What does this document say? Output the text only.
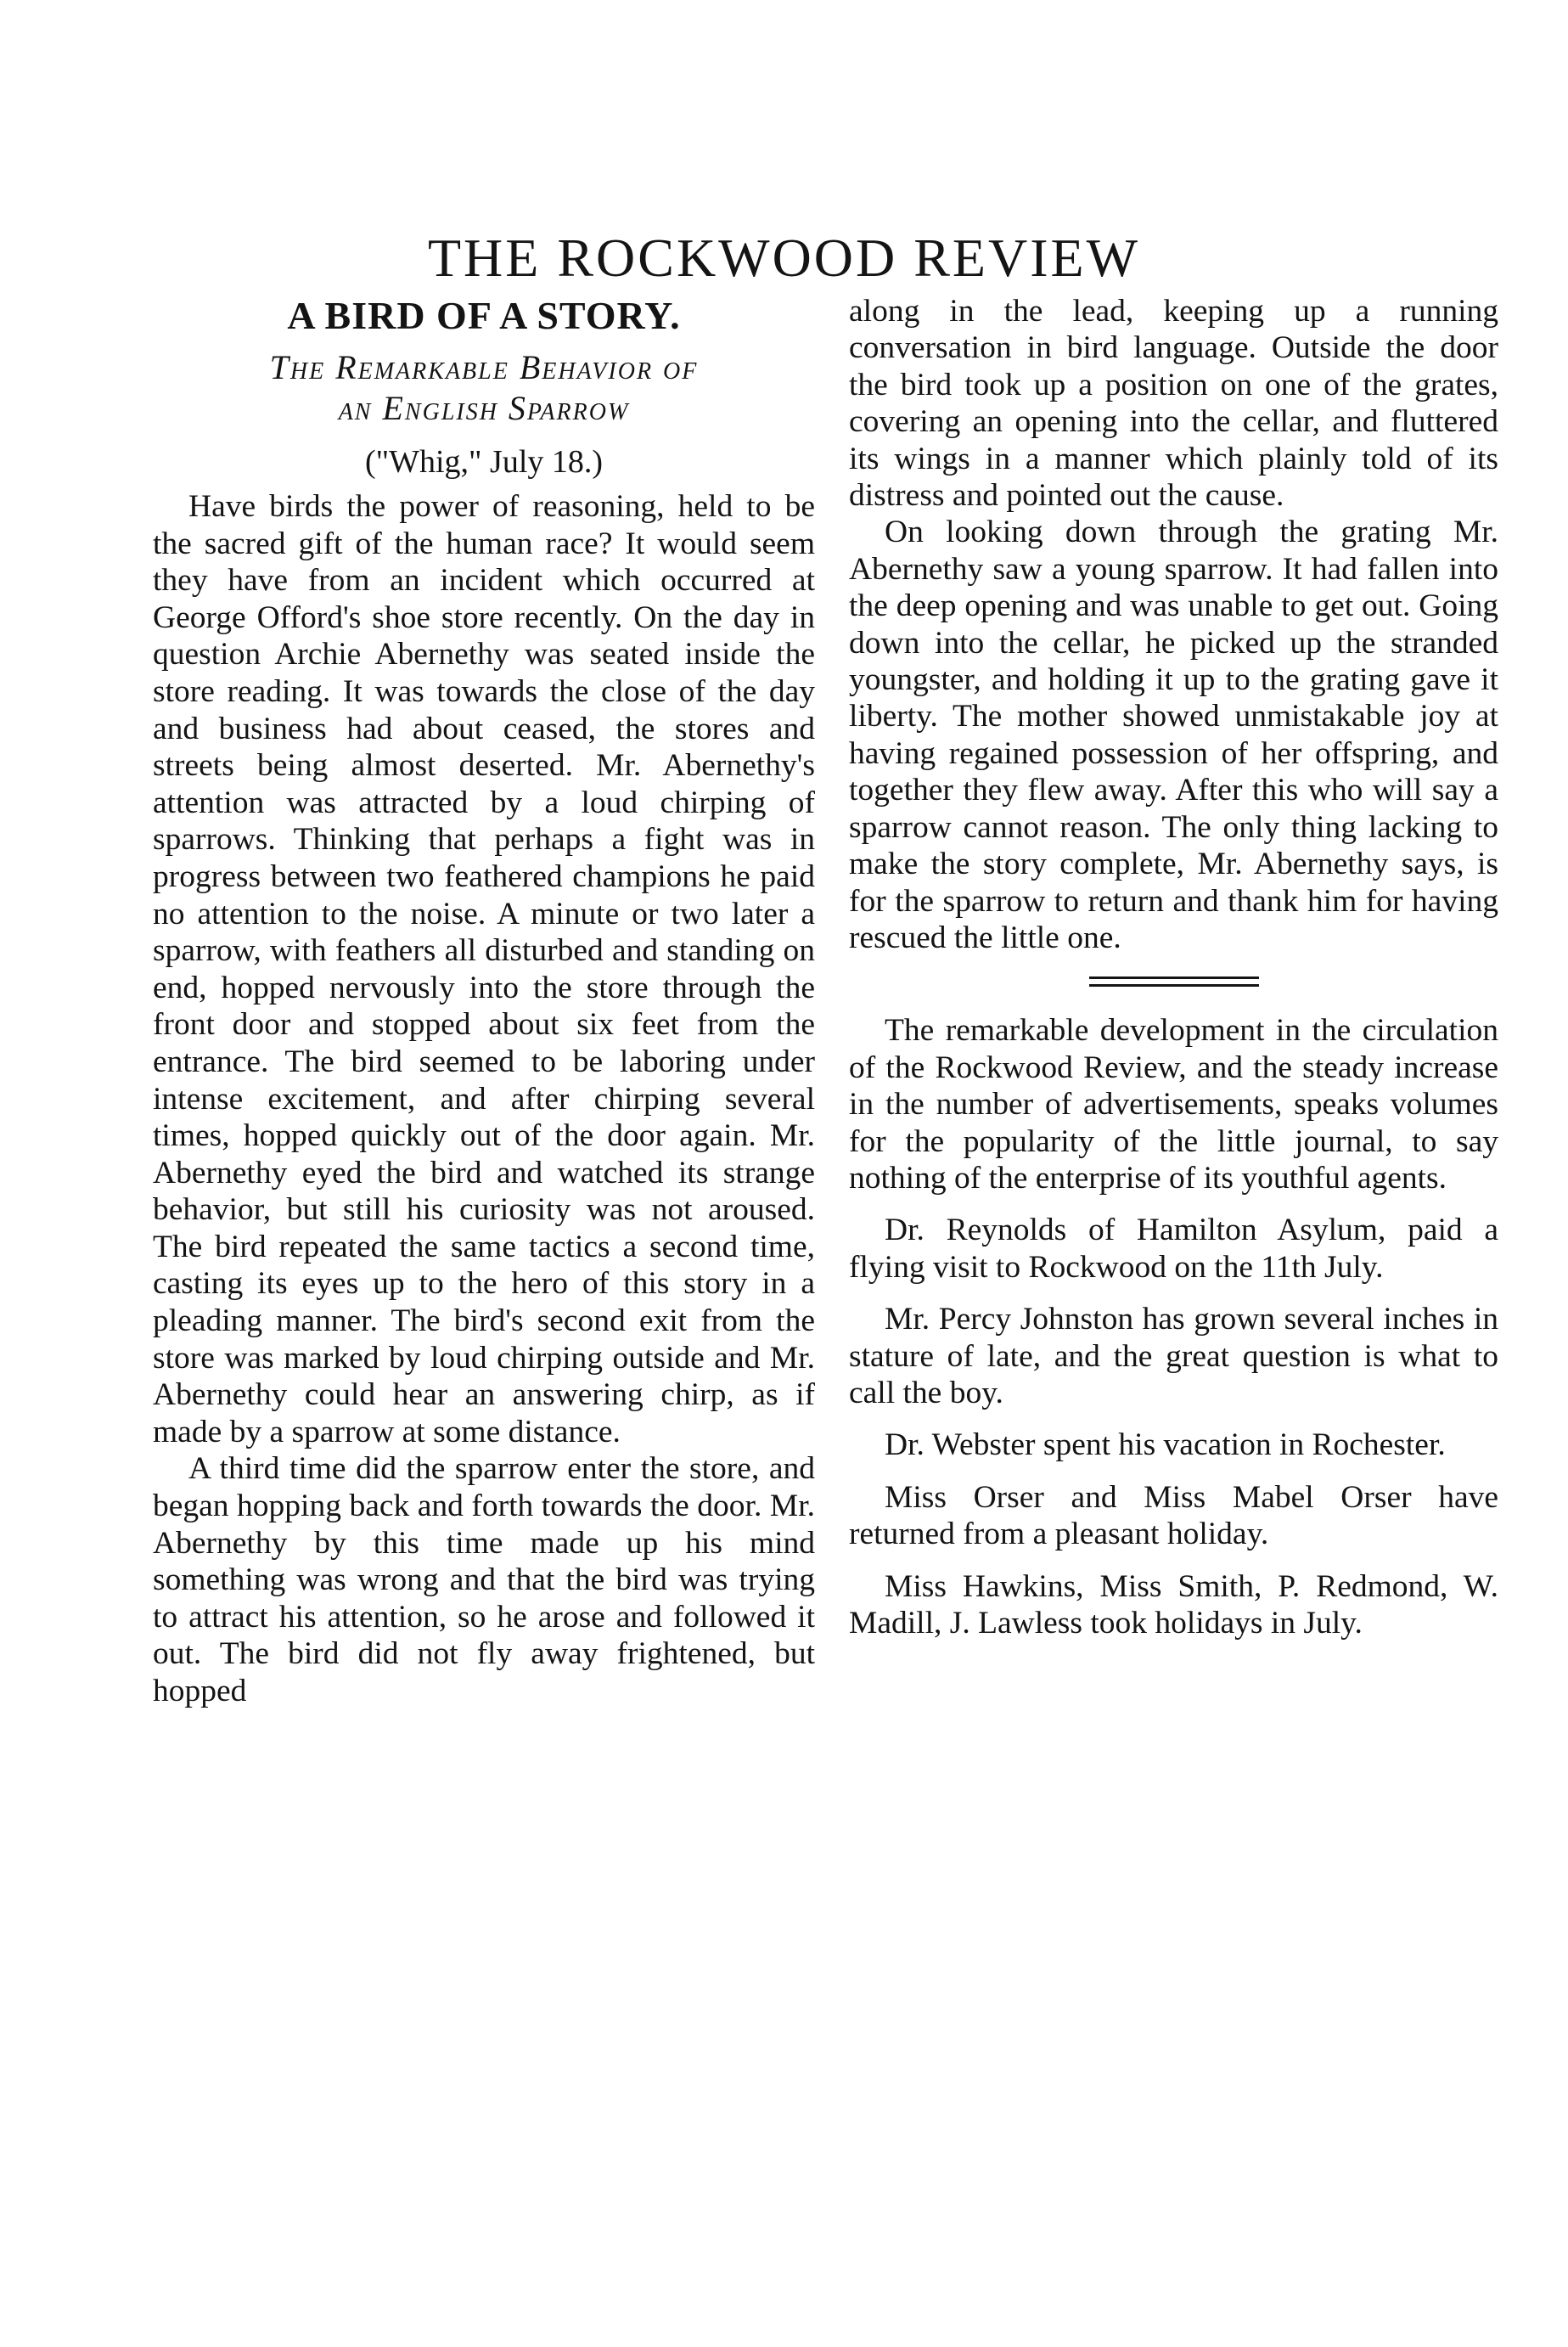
THE ROCKWOOD REVIEW
A BIRD OF A STORY.
The Remarkable Behavior of
an English Sparrow
("Whig," July 18.)

Have birds the power of reasoning, held to be the sacred gift of the human race? It would seem they have from an incident which occurred at George Offord's shoe store recently. On the day in question Archie Abernethy was seated inside the store reading. It was towards the close of the day and business had about ceased, the stores and streets being almost deserted. Mr. Abernethy's attention was attracted by a loud chirping of sparrows. Thinking that perhaps a fight was in progress between two feathered champions he paid no attention to the noise. A minute or two later a sparrow, with feathers all disturbed and standing on end, hopped nervously into the store through the front door and stopped about six feet from the entrance. The bird seemed to be laboring under intense excitement, and after chirping several times, hopped quickly out of the door again. Mr. Abernethy eyed the bird and watched its strange behavior, but still his curiosity was not aroused. The bird repeated the same tactics a second time, casting its eyes up to the hero of this story in a pleading manner. The bird's second exit from the store was marked by loud chirping outside and Mr. Abernethy could hear an answering chirp, as if made by a sparrow at some distance.

A third time did the sparrow enter the store, and began hopping back and forth towards the door. Mr. Abernethy by this time made up his mind something was wrong and that the bird was trying to attract his attention, so he arose and followed it out. The bird did not fly away frightened, but hopped

along in the lead, keeping up a running conversation in bird language. Outside the door the bird took up a position on one of the grates, covering an opening into the cellar, and fluttered its wings in a manner which plainly told of its distress and pointed out the cause.

On looking down through the grating Mr. Abernethy saw a young sparrow. It had fallen into the deep opening and was unable to get out. Going down into the cellar, he picked up the stranded youngster, and holding it up to the grating gave it liberty. The mother showed unmistakable joy at having regained possession of her offspring, and together they flew away. After this who will say a sparrow cannot reason. The only thing lacking to make the story complete, Mr. Abernethy says, is for the sparrow to return and thank him for having rescued the little one.

The remarkable development in the circulation of the Rockwood Review, and the steady increase in the number of advertisements, speaks volumes for the popularity of the little journal, to say nothing of the enterprise of its youthful agents.

Dr. Reynolds of Hamilton Asylum, paid a flying visit to Rockwood on the 11th July.

Mr. Percy Johnston has grown several inches in stature of late, and the great question is what to call the boy.

Dr. Webster spent his vacation in Rochester.

Miss Orser and Miss Mabel Orser have returned from a pleasant holiday.

Miss Hawkins, Miss Smith, P. Redmond, W. Madill, J. Lawless took holidays in July.
